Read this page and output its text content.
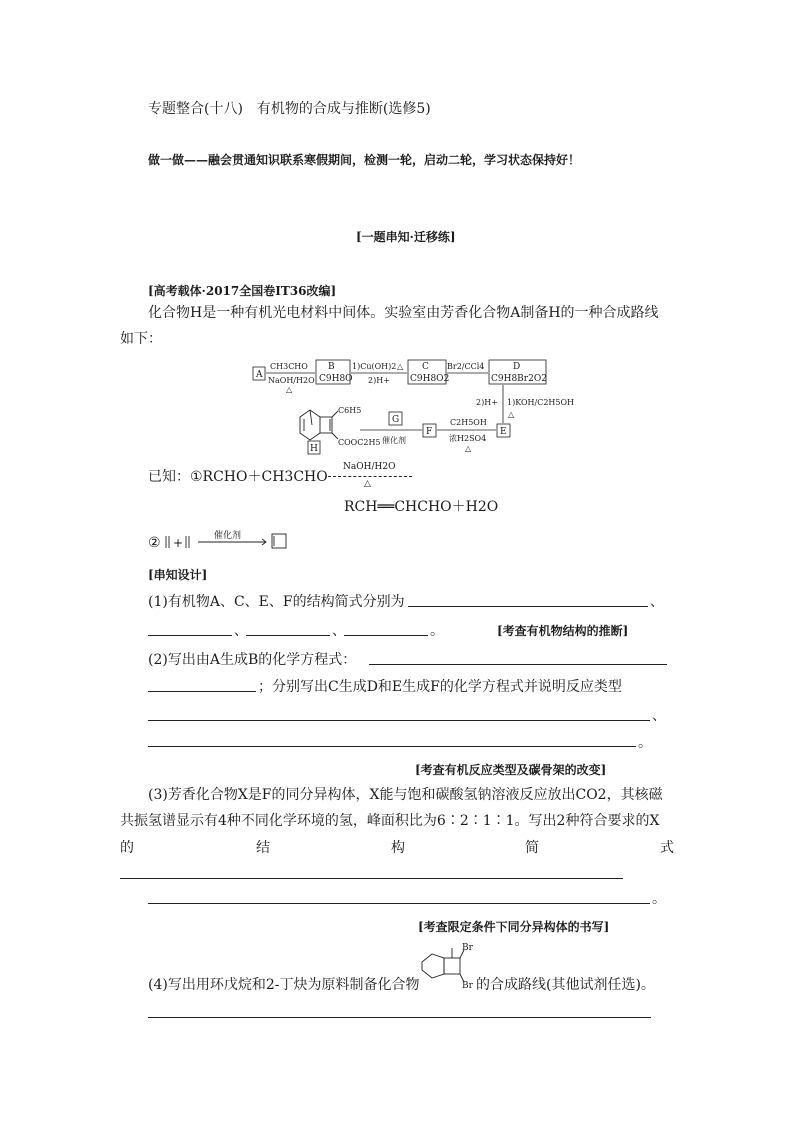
专题整合(十八)　有机物的合成与推断(选修5)
做一做——融会贯通知识联系寒假期间，检测一轮，启动二轮，学习状态保持好！
[一题串知·迁移练]
[高考载体·2017全国卷ⅠT36改编]
化合物H是一种有机光电材料中间体。实验室由芳香化合物A制备H的一种合成路线
如下：
A
CH3CHO
NaOH/H2O
△
B
C9H8O
1)Cu(OH)2 △
2)H+
C
C9H8O2
Br2/CCl4	D
C9H8Br2O2
2)H+ 1)KOH/C2H5OH
△
E
C2H5OH
浓H2SO4
△
F
G
催化剂
C6H5
COOC2H5
H
已知： ①RCHO＋CH3CHO
NaOH/H2O
△
RCH══CHCHO＋H2O
② +	催化剂
[串知设计]
(1)有机物A、C、E、F的结构简式分别为	、
、	、	。	[考查有机物结构的推断]
(2)写出由A生成B的化学方程式：
；分别写出C生成D和E生成F的化学方程式并说明反应类型
、
。
[考查有机反应类型及碳骨架的改变]
(3)芳香化合物X是F的同分异构体，X能与饱和碳酸氢钠溶液反应放出CO2，其核磁
共振氢谱显示有4种不同化学环境的氢，峰面积比为6∶2∶1∶1。写出2种符合要求的X
的	结	构	简	式
。
[考查限定条件下同分异构体的书写]
(4)写出用环戊烷和2-丁炔为原料制备化合物
Br
Br 的合成路线(其他试剂任选)。
